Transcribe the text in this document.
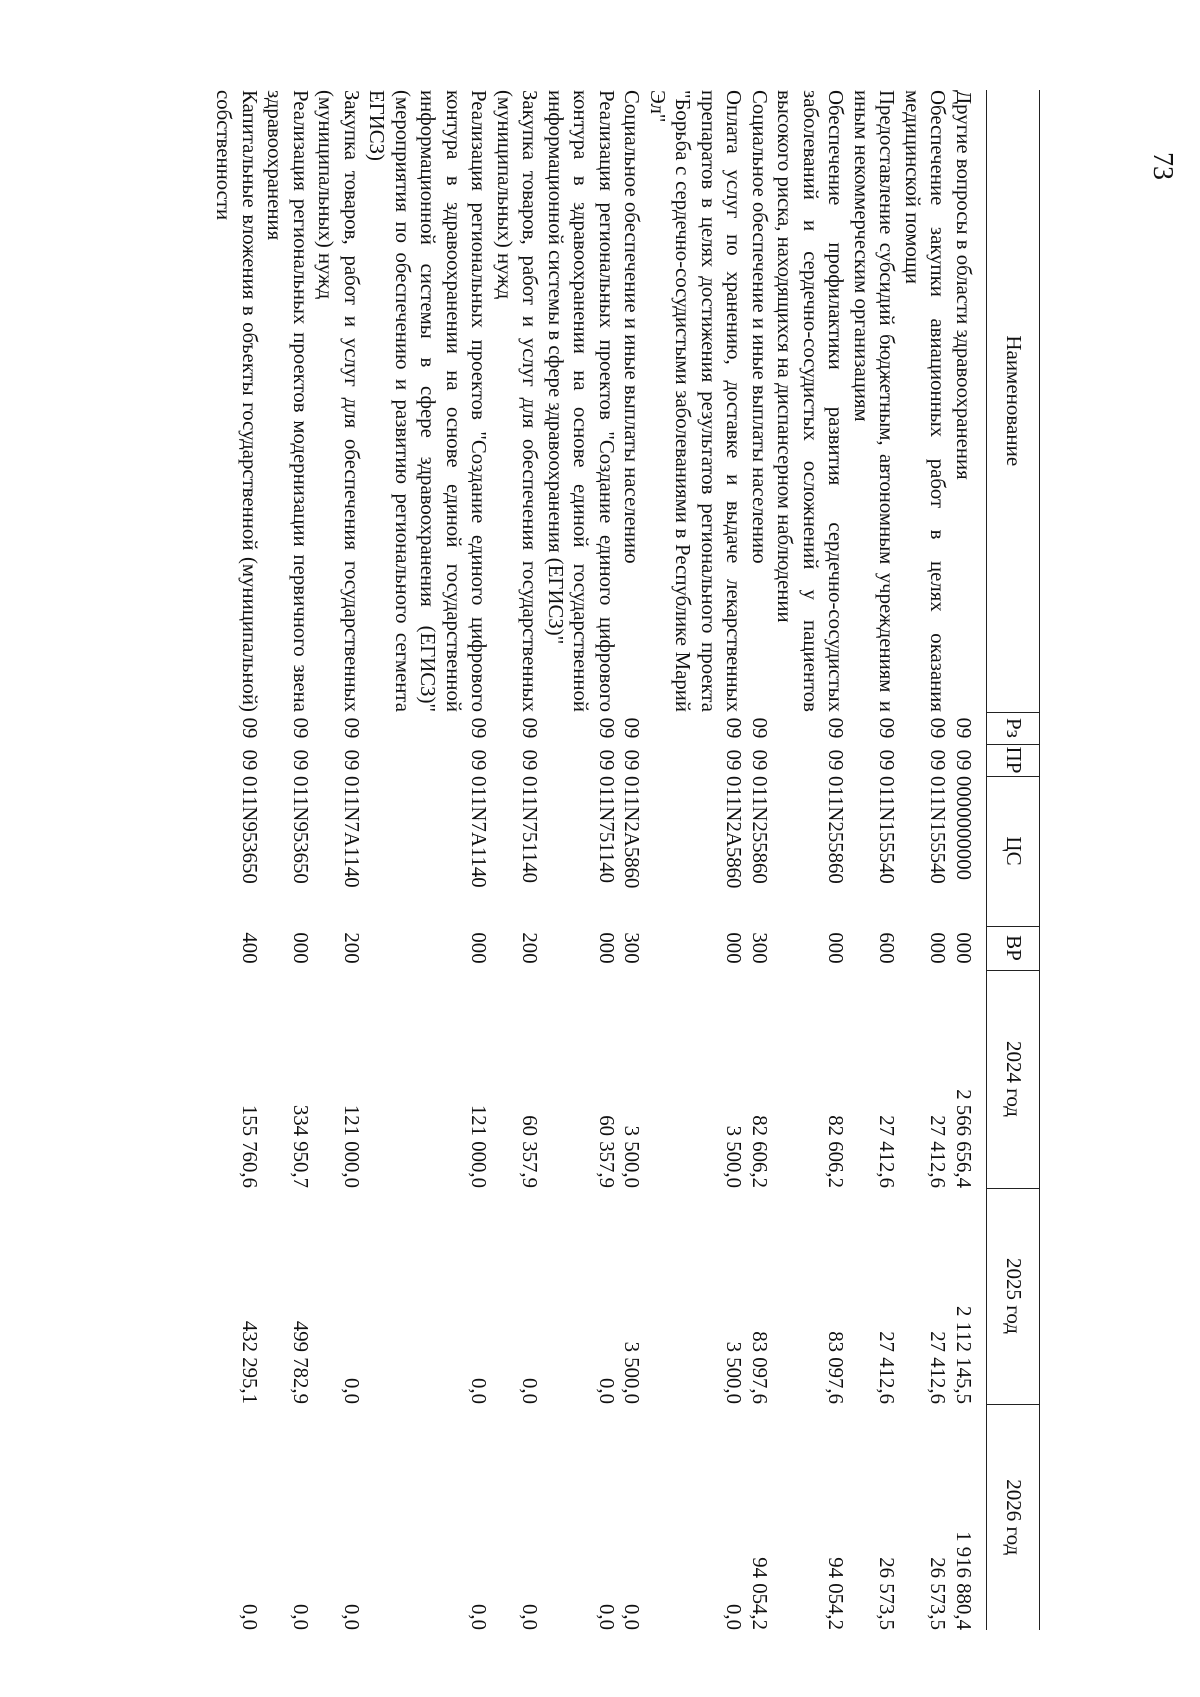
73
Наименование	Рз	ПР	ЦС	ВР	2024 год	2025 год	2026 год
Другие вопросы в области здравоохранения	09	09	0000000000	000	2 566 656,4	2 112 145,5	1 916 880,4
Обеспечение закупки авиационных работ в целях оказания медицинской помощи	09	09	011N155540	000	27 412,6	27 412,6	26 573,5
Предоставление субсидий бюджетным, автономным учреждениям и иным некоммерческим организациям	09	09	011N155540	600	27 412,6	27 412,6	26 573,5
Обеспечение профилактики развития сердечно-сосудистых заболеваний и сердечно-сосудистых осложнений у пациентов высокого риска, находящихся на диспансерном наблюдении	09	09	011N255860	000	82 606,2	83 097,6	94 054,2
Социальное обеспечение и иные выплаты населению	09	09	011N255860	300	82 606,2	83 097,6	94 054,2
Оплата услуг по хранению, доставке и выдаче лекарственных препаратов в целях достижения результатов регионального проекта "Борьба с сердечно-сосудистыми заболеваниями в Республике Марий Эл"	09	09	011N2A5860	000	3 500,0	3 500,0	0,0
Социальное обеспечение и иные выплаты населению	09	09	011N2A5860	300	3 500,0	3 500,0	0,0
Реализация региональных проектов "Создание единого цифрового контура в здравоохранении на основе единой государственной информационной системы в сфере здравоохранения (ЕГИСЗ)"	09	09	011N751140	000	60 357,9	0,0	0,0
Закупка товаров, работ и услуг для обеспечения государственных (муниципальных) нужд	09	09	011N751140	200	60 357,9	0,0	0,0
Реализация региональных проектов "Создание единого цифрового контура в здравоохранении на основе единой государственной информационной системы в сфере здравоохранения (ЕГИСЗ)" (мероприятия по обеспечению и развитию регионального сегмента ЕГИСЗ)	09	09	011N7A1140	000	121 000,0	0,0	0,0
Закупка товаров, работ и услуг для обеспечения государственных (муниципальных) нужд	09	09	011N7A1140	200	121 000,0	0,0	0,0
Реализация региональных проектов модернизации первичного звена здравоохранения	09	09	011N953650	000	334 950,7	499 782,9	0,0
Капитальные вложения в объекты государственной (муниципальной) собственности	09	09	011N953650	400	155 760,6	432 295,1	0,0
